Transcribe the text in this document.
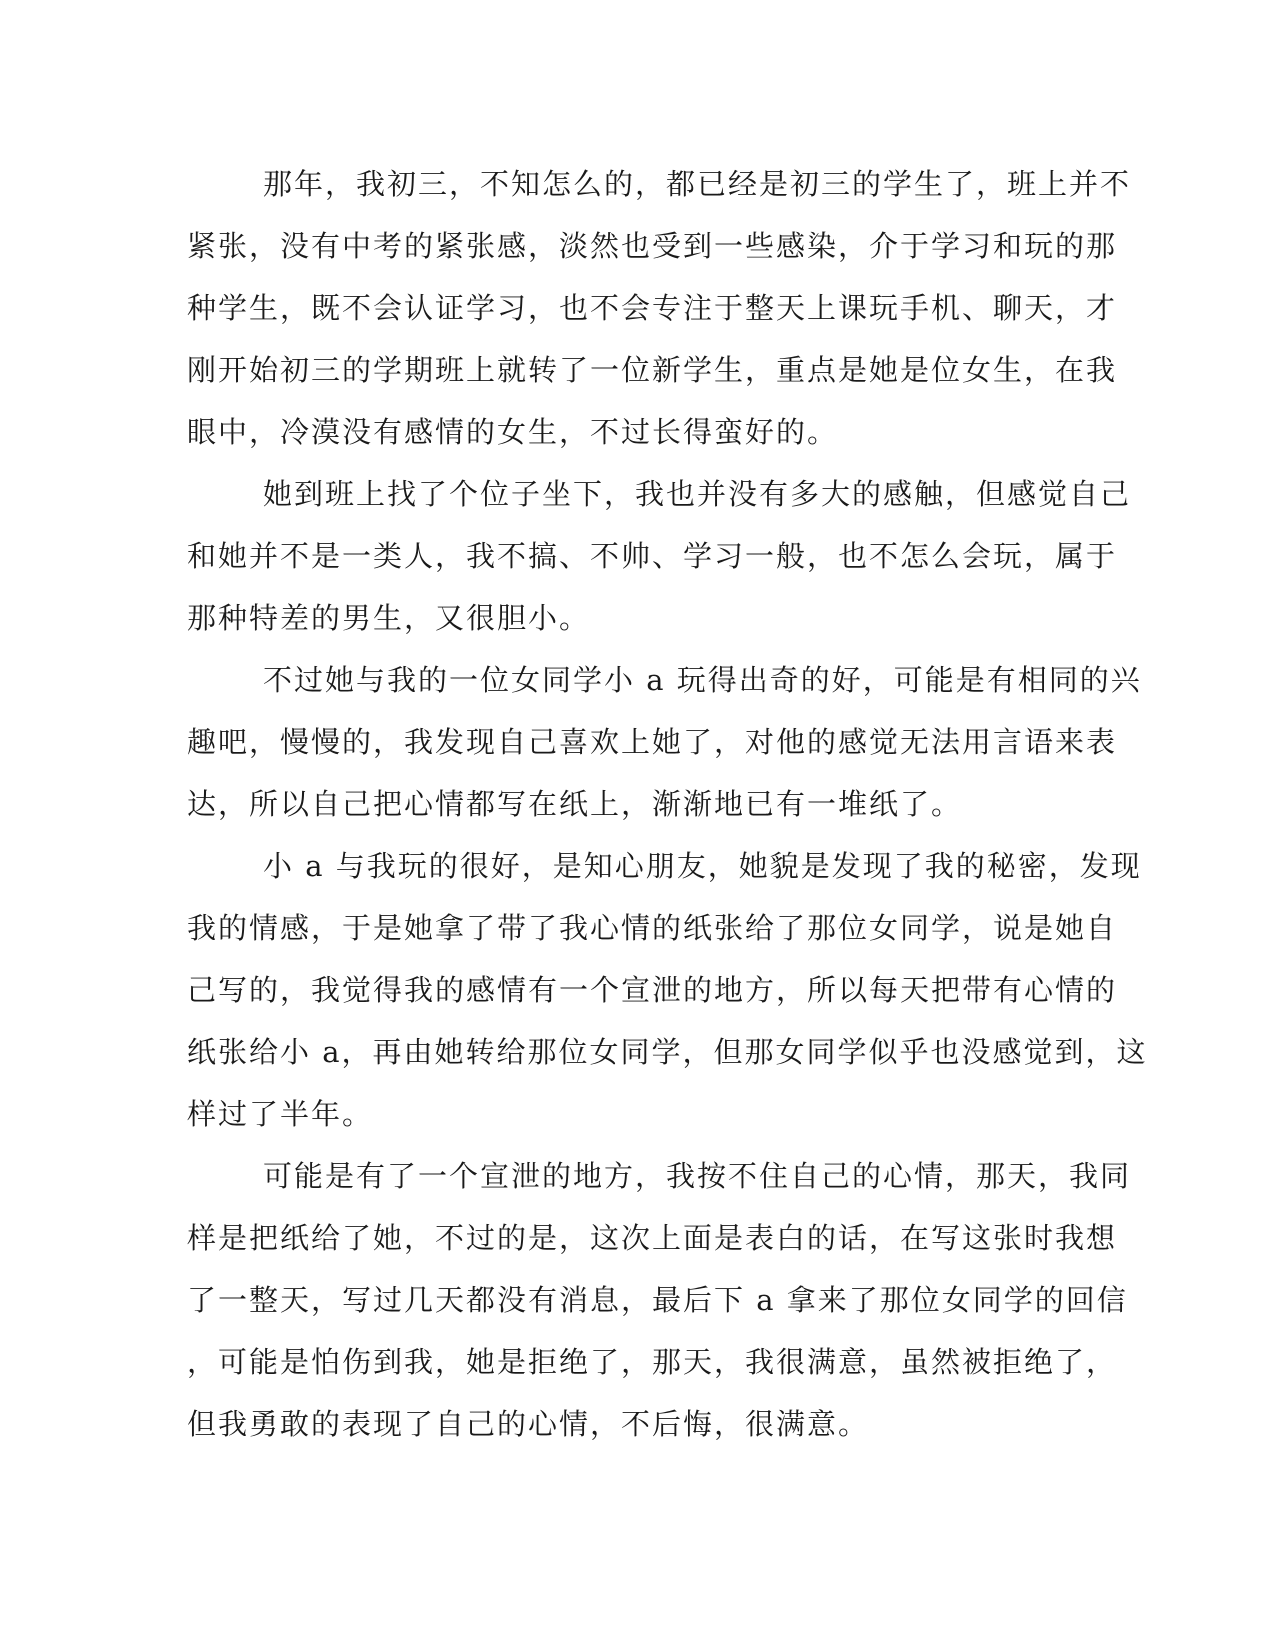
那年，我初三，不知怎么的，都已经是初三的学生了，班上并不
紧张，没有中考的紧张感，淡然也受到一些感染，介于学习和玩的那
种学生，既不会认证学习，也不会专注于整天上课玩手机、聊天，才
刚开始初三的学期班上就转了一位新学生，重点是她是位女生，在我
眼中，冷漠没有感情的女生，不过长得蛮好的。
她到班上找了个位子坐下，我也并没有多大的感触，但感觉自己
和她并不是一类人，我不搞、不帅、学习一般，也不怎么会玩，属于
那种特差的男生，又很胆小。
不过她与我的一位女同学小 a 玩得出奇的好，可能是有相同的兴
趣吧，慢慢的，我发现自己喜欢上她了，对他的感觉无法用言语来表
达，所以自己把心情都写在纸上，渐渐地已有一堆纸了。
小 a 与我玩的很好，是知心朋友，她貌是发现了我的秘密，发现
我的情感，于是她拿了带了我心情的纸张给了那位女同学，说是她自
己写的，我觉得我的感情有一个宣泄的地方，所以每天把带有心情的
纸张给小 a，再由她转给那位女同学，但那女同学似乎也没感觉到，这
样过了半年。
可能是有了一个宣泄的地方，我按不住自己的心情，那天，我同
样是把纸给了她，不过的是，这次上面是表白的话，在写这张时我想
了一整天，写过几天都没有消息，最后下 a 拿来了那位女同学的回信
，可能是怕伤到我，她是拒绝了，那天，我很满意，虽然被拒绝了，
但我勇敢的表现了自己的心情，不后悔，很满意。
